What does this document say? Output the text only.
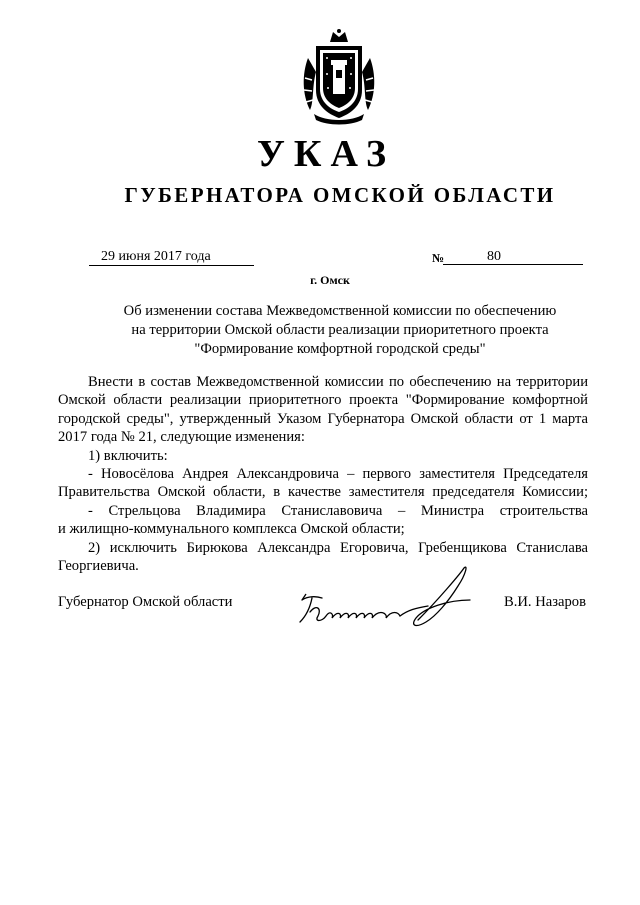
УКАЗ
ГУБЕРНАТОРА ОМСКОЙ ОБЛАСТИ
29 июня 2017 года	№	80
г. Омск
Об изменении состава Межведомственной комиссии по обеспечению
на территории Омской области реализации приоритетного проекта
"Формирование комфортной городской среды"
Внести в состав Межведомственной комиссии по обеспечению на территории
Омской области реализации приоритетного проекта "Формирование комфортной
городской среды", утвержденный Указом Губернатора Омской области от 1 марта
2017 года № 21, следующие изменения:
1) включить:
- Новосёлова Андрея Александровича – первого заместителя Председателя
Правительства Омской области, в качестве заместителя председателя Комиссии;
- Стрельцова Владимира Станиславовича – Министра строительства
и жилищно-коммунального комплекса Омской области;
2) исключить Бирюкова Александра Егоровича, Гребенщикова Станислава
Георгиевича.
Губернатор Омской области	В.И. Назаров
